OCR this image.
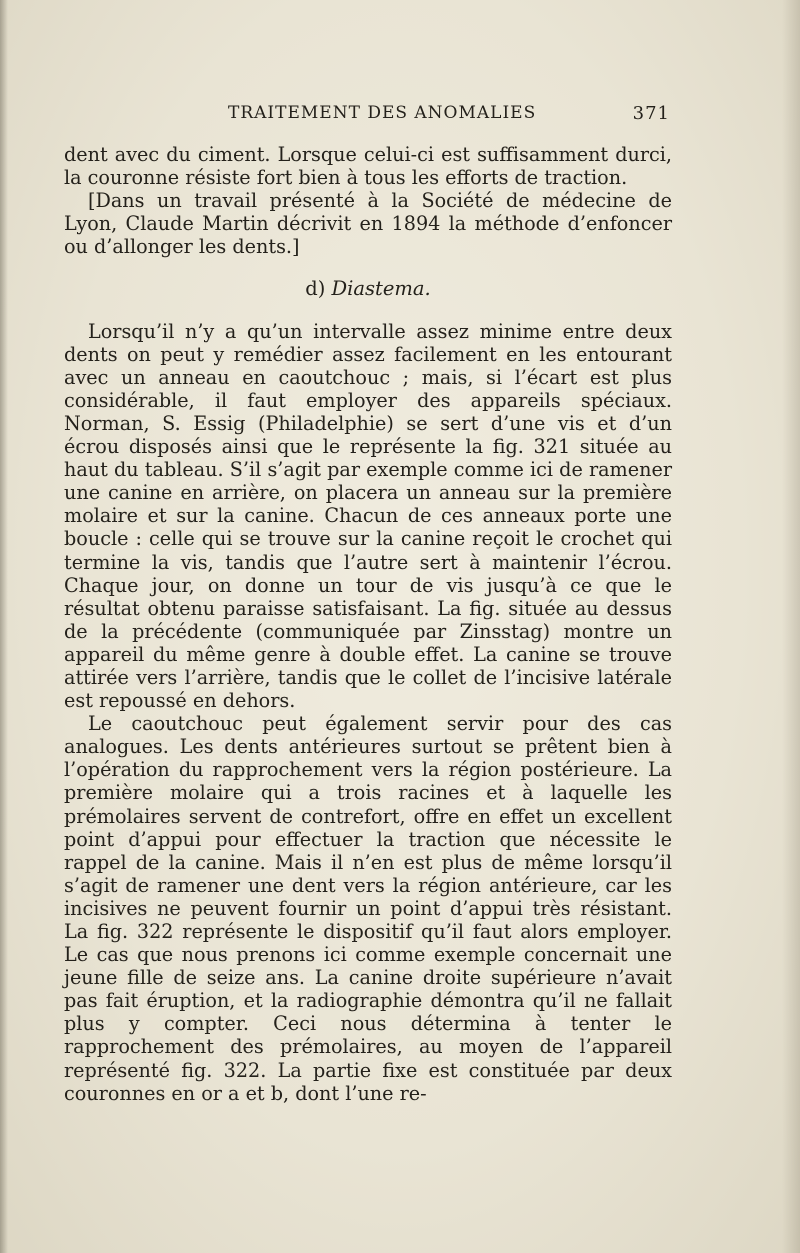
TRAITEMENT DES ANOMALIES	371

dent avec du ciment. Lorsque celui-ci est suffisamment durci, la couronne résiste fort bien à tous les efforts de traction.

[Dans un travail présenté à la Société de médecine de Lyon, Claude Martin décrivit en 1894 la méthode d’enfoncer ou d’allonger les dents.]

d) Diastema.

Lorsqu’il n’y a qu’un intervalle assez minime entre deux dents on peut y remédier assez facilement en les entourant avec un anneau en caoutchouc ; mais, si l’écart est plus considérable, il faut employer des appareils spéciaux. Norman, S. Essig (Philadelphie) se sert d’une vis et d’un écrou disposés ainsi que le représente la fig. 321 située au haut du tableau. S’il s’agit par exemple comme ici de ramener une canine en arrière, on placera un anneau sur la première molaire et sur la canine. Chacun de ces anneaux porte une boucle : celle qui se trouve sur la canine reçoit le crochet qui termine la vis, tandis que l’autre sert à maintenir l’écrou. Chaque jour, on donne un tour de vis jusqu’à ce que le résultat obtenu paraisse satisfaisant. La fig. située au dessus de la précédente (communiquée par Zinsstag) montre un appareil du même genre à double effet. La canine se trouve attirée vers l’arrière, tandis que le collet de l’incisive latérale est repoussé en dehors.

Le caoutchouc peut également servir pour des cas analogues. Les dents antérieures surtout se prêtent bien à l’opération du rapprochement vers la région postérieure. La première molaire qui a trois racines et à laquelle les prémolaires servent de contrefort, offre en effet un excellent point d’appui pour effectuer la traction que nécessite le rappel de la canine. Mais il n’en est plus de même lorsqu’il s’agit de ramener une dent vers la région antérieure, car les incisives ne peuvent fournir un point d’appui très résistant. La fig. 322 représente le dispositif qu’il faut alors employer. Le cas que nous prenons ici comme exemple concernait une jeune fille de seize ans. La canine droite supérieure n’avait pas fait éruption, et la radiographie démontra qu’il ne fallait plus y compter. Ceci nous détermina à tenter le rapprochement des prémolaires, au moyen de l’appareil représenté fig. 322. La partie fixe est constituée par deux couronnes en or a et b, dont l’une re-
